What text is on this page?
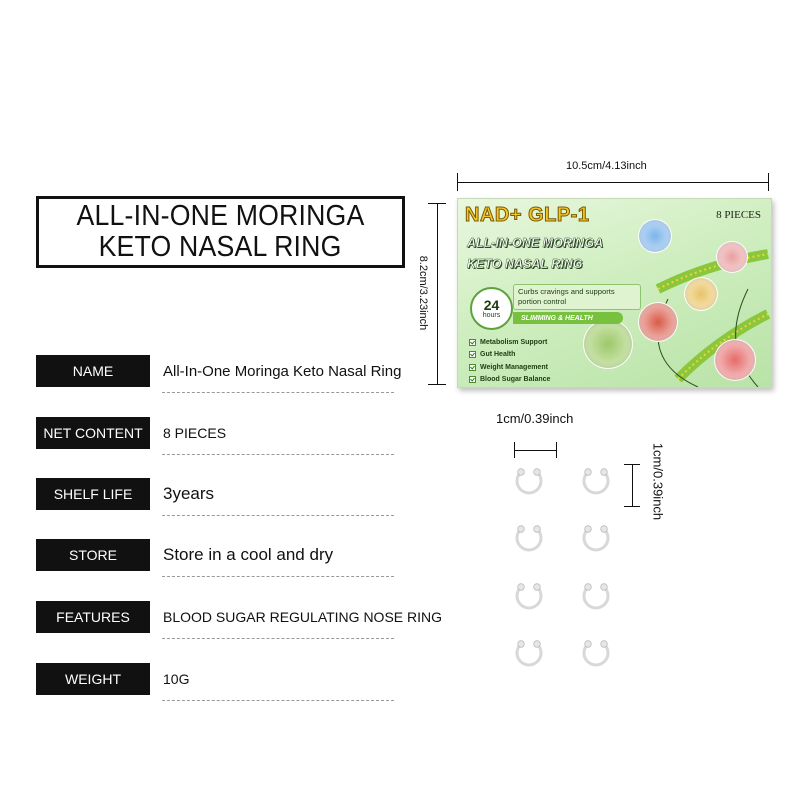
ALL-IN-ONE MORINGA
KETO NASAL RING
NAME	All-In-One Moringa Keto Nasal Ring
NET CONTENT	8 PIECES
SHELF LIFE	3years
STORE	Store in a cool and dry
FEATURES	BLOOD SUGAR REGULATING NOSE RING
WEIGHT	10G
10.5cm/4.13inch
8.2cm/3.23inch
NAD+ GLP-1	8 PIECES
ALL-IN-ONE MORINGA
KETO NASAL RING
24
hours
Curbs cravings and supports portion control
SLIMMING & HEALTH
Metabolism Support
Gut Health
Weight Management
Blood Sugar Balance
1cm/0.39inch
1cm/0.39inch
